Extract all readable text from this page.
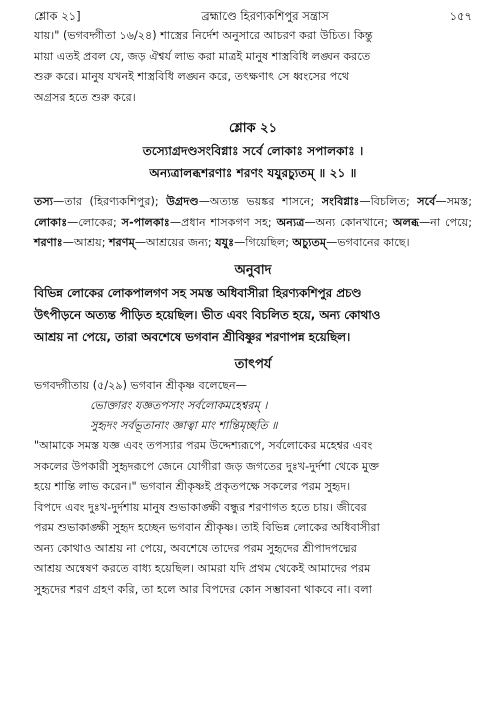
শ্লোক ২১]	ব্রহ্মাণ্ডে হিরণ্যকশিপুর সন্ত্রাস	১৫৭

যায়।" (ভগবদ্গীতা ১৬/২৪) শাস্ত্রের নির্দেশ অনুসারে আচরণ করা উচিত। কিন্তু

মায়া এতই প্রবল যে, জড় ঐশ্বর্য লাভ করা মাত্রই মানুষ শাস্ত্রবিধি লঙ্ঘন করতে

শুরু করে। মানুষ যখনই শাস্ত্রবিধি লঙ্ঘন করে, তৎক্ষণাৎ সে ধ্বংসের পথে

অগ্রসর হতে শুরু করে।

শ্লোক ২১

তস্যোগ্রদণ্ডসংবিগ্নাঃ সর্বে লোকাঃ সপালকাঃ ।

অন্যত্রালব্ধশরণাঃ শরণং যযুরচ্যুতম্ ॥ ২১ ॥

তস্য—তার (হিরণ্যকশিপুর); উগ্রদণ্ড—অত্যন্ত ভয়ঙ্কর শাসনে; সংবিগ্নাঃ—বিচলিত; সর্বে—সমস্ত; লোকাঃ—লোকের; স-পালকাঃ—প্রধান শাসকগণ সহ; অন্যত্র—অন্য কোনখানে; অলব্ধ—না পেয়ে; শরণাঃ—আশ্রয়; শরণম্—আশ্রয়ের জন্য; যযুঃ—গিয়েছিল; অচ্যুতম্—ভগবানের কাছে।

অনুবাদ

বিভিন্ন লোকের লোকপালগণ সহ সমস্ত অধিবাসীরা হিরণ্যকশিপুর প্রচণ্ড

উৎপীড়নে অত্যন্ত পীড়িত হয়েছিল। ভীত এবং বিচলিত হয়ে, অন্য কোথাও

আশ্রয় না পেয়ে, তারা অবশেষে ভগবান শ্রীবিষ্ণুর শরণাপন্ন হয়েছিল।

তাৎপর্য

ভগবদ্গীতায় (৫/২৯) ভগবান শ্রীকৃষ্ণ বলেছেন—

ভোক্তারং যজ্ঞতপসাং সর্বলোকমহেশ্বরম্ ।

সুহৃদং সর্বভূতানাং জ্ঞাত্বা মাং শান্তিমৃচ্ছতি ॥

"আমাকে সমস্ত যজ্ঞ এবং তপস্যার পরম উদ্দেশ্যরূপে, সর্বলোকের মহেশ্বর এবং

সকলের উপকারী সুহৃদরূপে জেনে যোগীরা জড় জগতের দুঃখ-দুর্দশা থেকে মুক্ত

হয়ে শান্তি লাভ করেন।" ভগবান শ্রীকৃষ্ণই প্রকৃতপক্ষে সকলের পরম সুহৃদ।

বিপদে এবং দুঃখ-দুর্দশায় মানুষ শুভাকাঙ্ক্ষী বন্ধুর শরণাগত হতে চায়। জীবের

পরম শুভাকাঙ্ক্ষী সুহৃদ হচ্ছেন ভগবান শ্রীকৃষ্ণ। তাই বিভিন্ন লোকের অধিবাসীরা

অন্য কোথাও আশ্রয় না পেয়ে, অবশেষে তাদের পরম সুহৃদের শ্রীপাদপদ্মের

আশ্রয় অন্বেষণ করতে বাধ্য হয়েছিল। আমরা যদি প্রথম থেকেই আমাদের পরম

সুহৃদের শরণ গ্রহণ করি, তা হলে আর বিপদের কোন সম্ভাবনা থাকবে না। বলা
